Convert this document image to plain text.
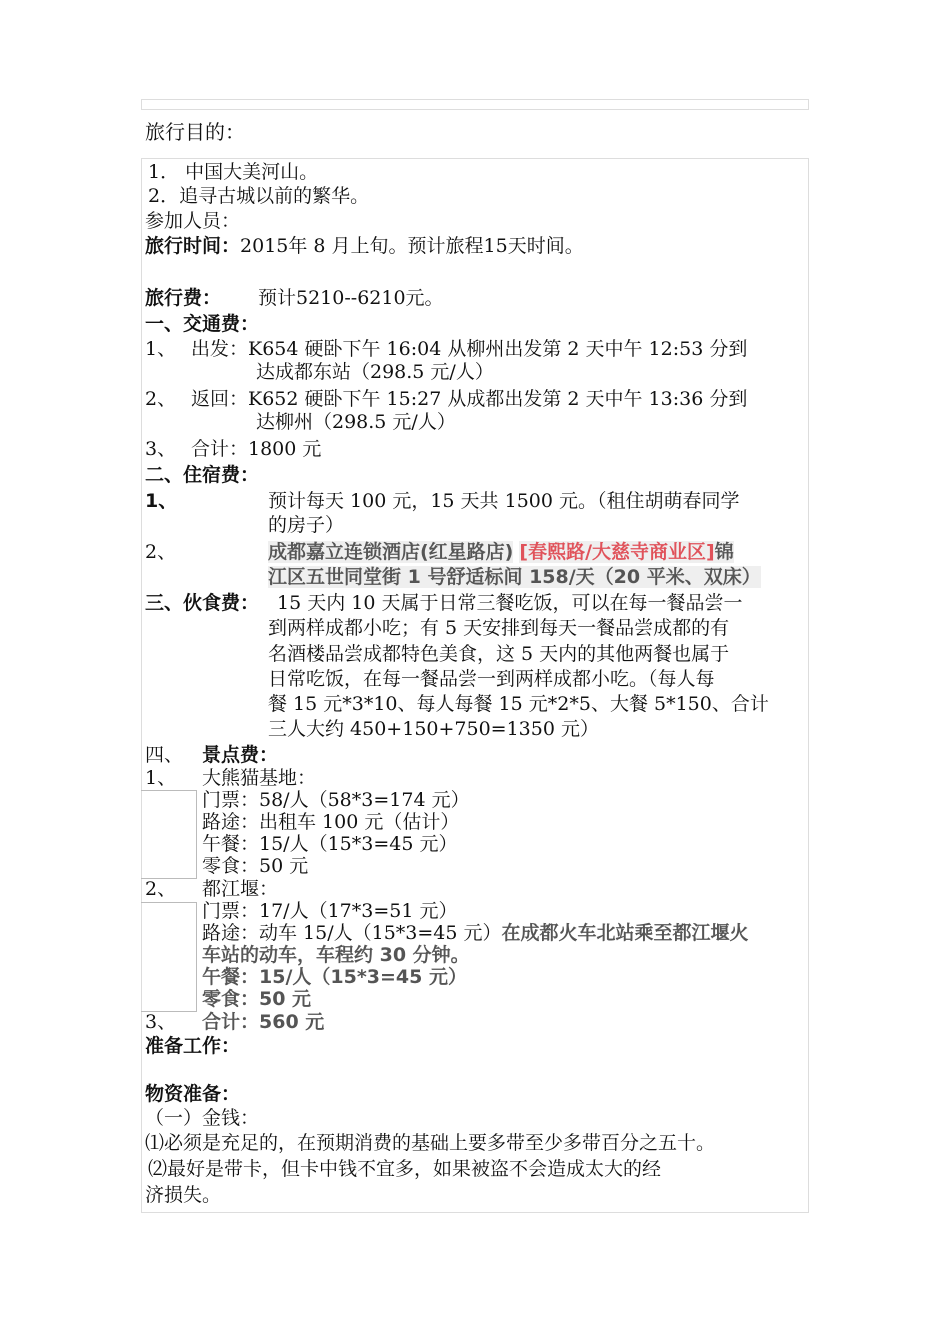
旅行目的：
1． 中国大美河山。
2．追寻古城以前的繁华。
参加人员：
旅行时间：2015年 8 月上旬。预计旅程15天时间。
旅行费： 预计5210--6210元。
一、交通费：
1、 出发：K654 硬卧下午 16:04 从柳州出发第 2 天中午 12:53 分到
达成都东站（298.5 元/人）
2、 返回：K652 硬卧下午 15:27 从成都出发第 2 天中午 13:36 分到
达柳州（298.5 元/人）
3、 合计：1800 元
二、住宿费：
1、	预计每天 100 元，15 天共 1500 元。（租住胡萌春同学
的房子）
2、	成都嘉立连锁酒店(红星路店) [春熙路/大慈寺商业区]锦
江区五世同堂街 1 号舒适标间 158/天（20 平米、双床）
三、伙食费： 15 天内 10 天属于日常三餐吃饭，可以在每一餐品尝一
到两样成都小吃；有 5 天安排到每天一餐品尝成都的有
名酒楼品尝成都特色美食，这 5 天内的其他两餐也属于
日常吃饭，在每一餐品尝一到两样成都小吃。（每人每
餐 15 元*3*10、每人每餐 15 元*2*5、大餐 5*150、合计
三人大约 450+150+750=1350 元）
四、 景点费：
1、 大熊猫基地：
门票：58/人（58*3=174 元）
路途：出租车 100 元（估计）
午餐：15/人（15*3=45 元）
零食：50 元
2、 都江堰：
门票：17/人（17*3=51 元）
路途：动车 15/人（15*3=45 元）在成都火车北站乘至都江堰火
车站的动车，车程约 30 分钟。
午餐：15/人（15*3=45 元）
零食：50 元
3、 合计：560 元
准备工作：
物资准备：
（一）金钱：
⑴必须是充足的，在预期消费的基础上要多带至少多带百分之五十。
⑵最好是带卡，但卡中钱不宜多，如果被盗不会造成太大的经
济损失。
